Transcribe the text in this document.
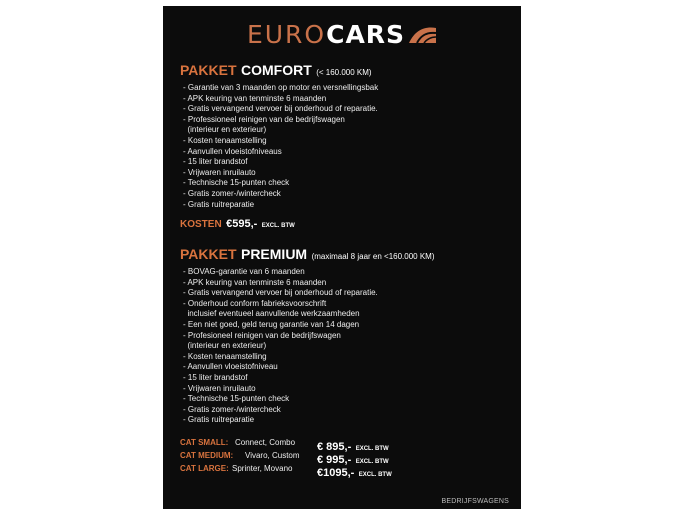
EURO CARS
PAKKET COMFORT (< 160.000 KM)
- Garantie van 3 maanden op motor en versnellingsbak
- APK keuring van tenminste 6 maanden
- Gratis vervangend vervoer bij onderhoud of reparatie.
- Professioneel reinigen van de bedrijfswagen
(interieur en exterieur)
- Kosten tenaamstelling
- Aanvullen vloeistofniveaus
- 15 liter brandstof
- Vrijwaren inruilauto
- Technische 15-punten check
- Gratis zomer-/wintercheck
- Gratis ruitreparatie
KOSTEN €595,- EXCL. BTW
PAKKET PREMIUM (maximaal 8 jaar en <160.000 KM)
- BOVAG-garantie van 6 maanden
- APK keuring van tenminste 6 maanden
- Gratis vervangend vervoer bij onderhoud of reparatie.
- Onderhoud conform fabrieksvoorschrift
inclusief eventueel aanvullende werkzaamheden
- Een niet goed, geld terug garantie van 14 dagen
- Profesioneel reinigen van de bedrijfswagen
(interieur en exterieur)
- Kosten tenaamstelling
- Aanvullen vloeistofniveau
- 15 liter brandstof
- Vrijwaren inruilauto
- Technische 15-punten check
- Gratis zomer-/wintercheck
- Gratis ruitreparatie
CAT SMALL: Connect, Combo € 895,- EXCL. BTW
CAT MEDIUM: Vivaro, Custom € 995,- EXCL. BTW
CAT LARGE: Sprinter, Movano €1095,- EXCL. BTW
BEDRIJFSWAGENS
